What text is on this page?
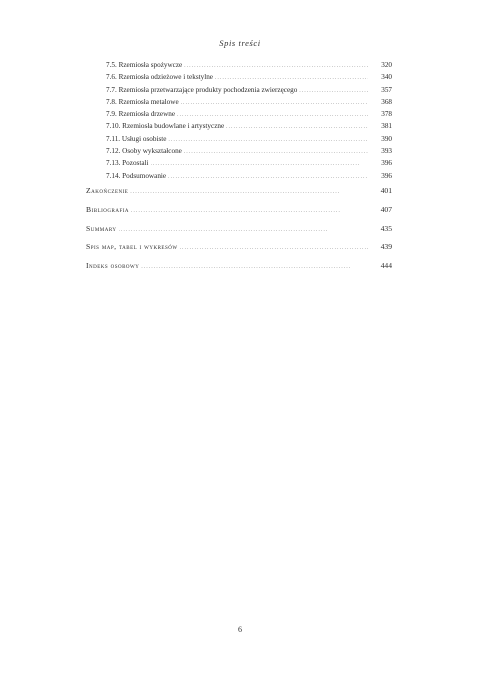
Spis treści
7.5. Rzemiosła spożywcze . . .	320
7.6. Rzemiosła odzieżowe i tekstylne . . .	340
7.7. Rzemiosła przetwarzające produkty pochodzenia zwierzęcego . . .	357
7.8. Rzemiosła metalowe . . .	368
7.9. Rzemiosła drzewne . . .	378
7.10. Rzemiosła budowlane i artystyczne . . .	381
7.11. Usługi osobiste . . .	390
7.12. Osoby wykształcone . . .	393
7.13. Pozostali . . .	396
7.14. Podsumowanie . . .	396
Zakończenie . . .	401
Bibliografia . . .	407
Summary . . .	435
Spis map, tabel i wykresów . . .	439
Indeks osobowy . . .	444
6
